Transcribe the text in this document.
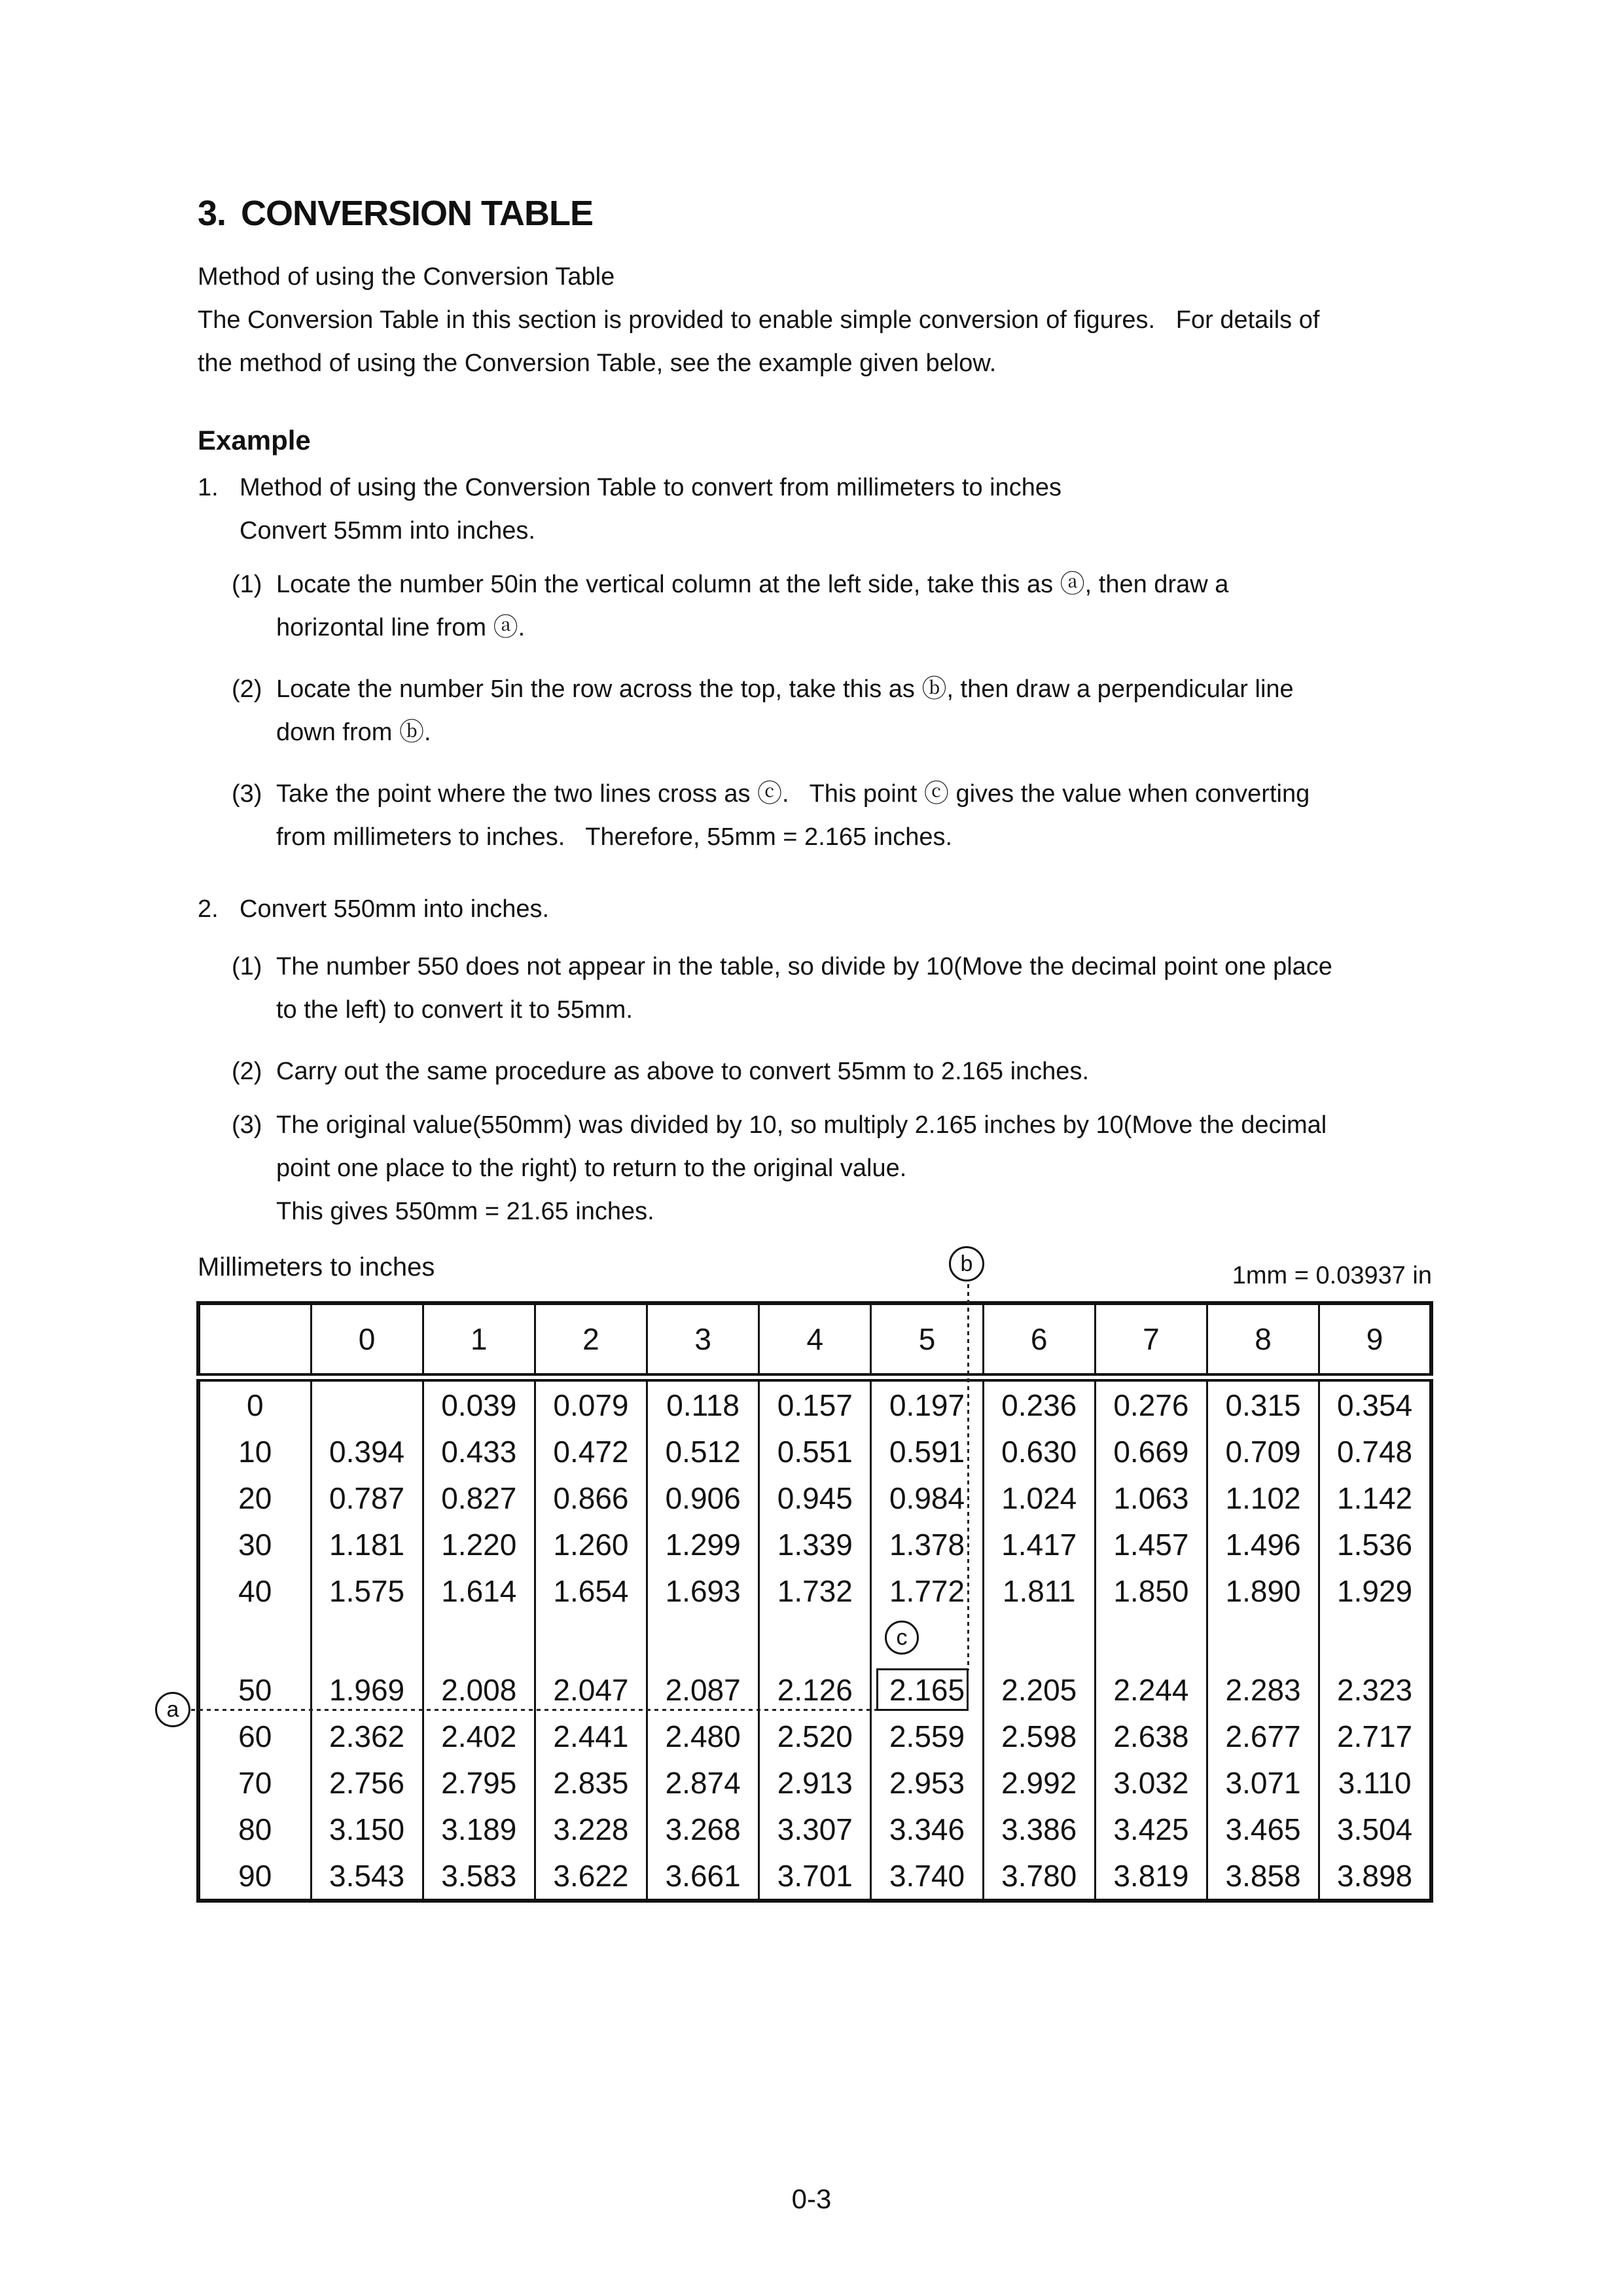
3. CONVERSION TABLE
Method of using the Conversion Table
The Conversion Table in this section is provided to enable simple conversion of figures.   For details of
the method of using the Conversion Table, see the example given below.
Example
1. Method of using the Conversion Table to convert from millimeters to inches
Convert 55mm into inches.
(1) Locate the number 50in the vertical column at the left side, take this as ⓐ, then draw a
horizontal line from ⓐ.
(2) Locate the number 5in the row across the top, take this as ⓑ, then draw a perpendicular line
down from ⓑ.
(3) Take the point where the two lines cross as ⓒ.   This point ⓒ gives the value when converting
from millimeters to inches.   Therefore, 55mm = 2.165 inches.
2. Convert 550mm into inches.
(1) The number 550 does not appear in the table, so divide by 10(Move the decimal point one place
to the left) to convert it to 55mm.
(2) Carry out the same procedure as above to convert 55mm to 2.165 inches.
(3) The original value(550mm) was divided by 10, so multiply 2.165 inches by 10(Move the decimal
point one place to the right) to return to the original value.
This gives 550mm = 21.65 inches.
Millimeters to inches	1mm = 0.03937 in
	0	1	2	3	4	5	6	7	8	9
0		0.039	0.079	0.118	0.157	0.197	0.236	0.276	0.315	0.354
10	0.394	0.433	0.472	0.512	0.551	0.591	0.630	0.669	0.709	0.748
20	0.787	0.827	0.866	0.906	0.945	0.984	1.024	1.063	1.102	1.142
30	1.181	1.220	1.260	1.299	1.339	1.378	1.417	1.457	1.496	1.536
40	1.575	1.614	1.654	1.693	1.732	1.772	1.811	1.850	1.890	1.929

50	1.969	2.008	2.047	2.087	2.126	2.165	2.205	2.244	2.283	2.323
60	2.362	2.402	2.441	2.480	2.520	2.559	2.598	2.638	2.677	2.717
70	2.756	2.795	2.835	2.874	2.913	2.953	2.992	3.032	3.071	3.110
80	3.150	3.189	3.228	3.268	3.307	3.346	3.386	3.425	3.465	3.504
90	3.543	3.583	3.622	3.661	3.701	3.740	3.780	3.819	3.858	3.898
b
a
c
0-3
